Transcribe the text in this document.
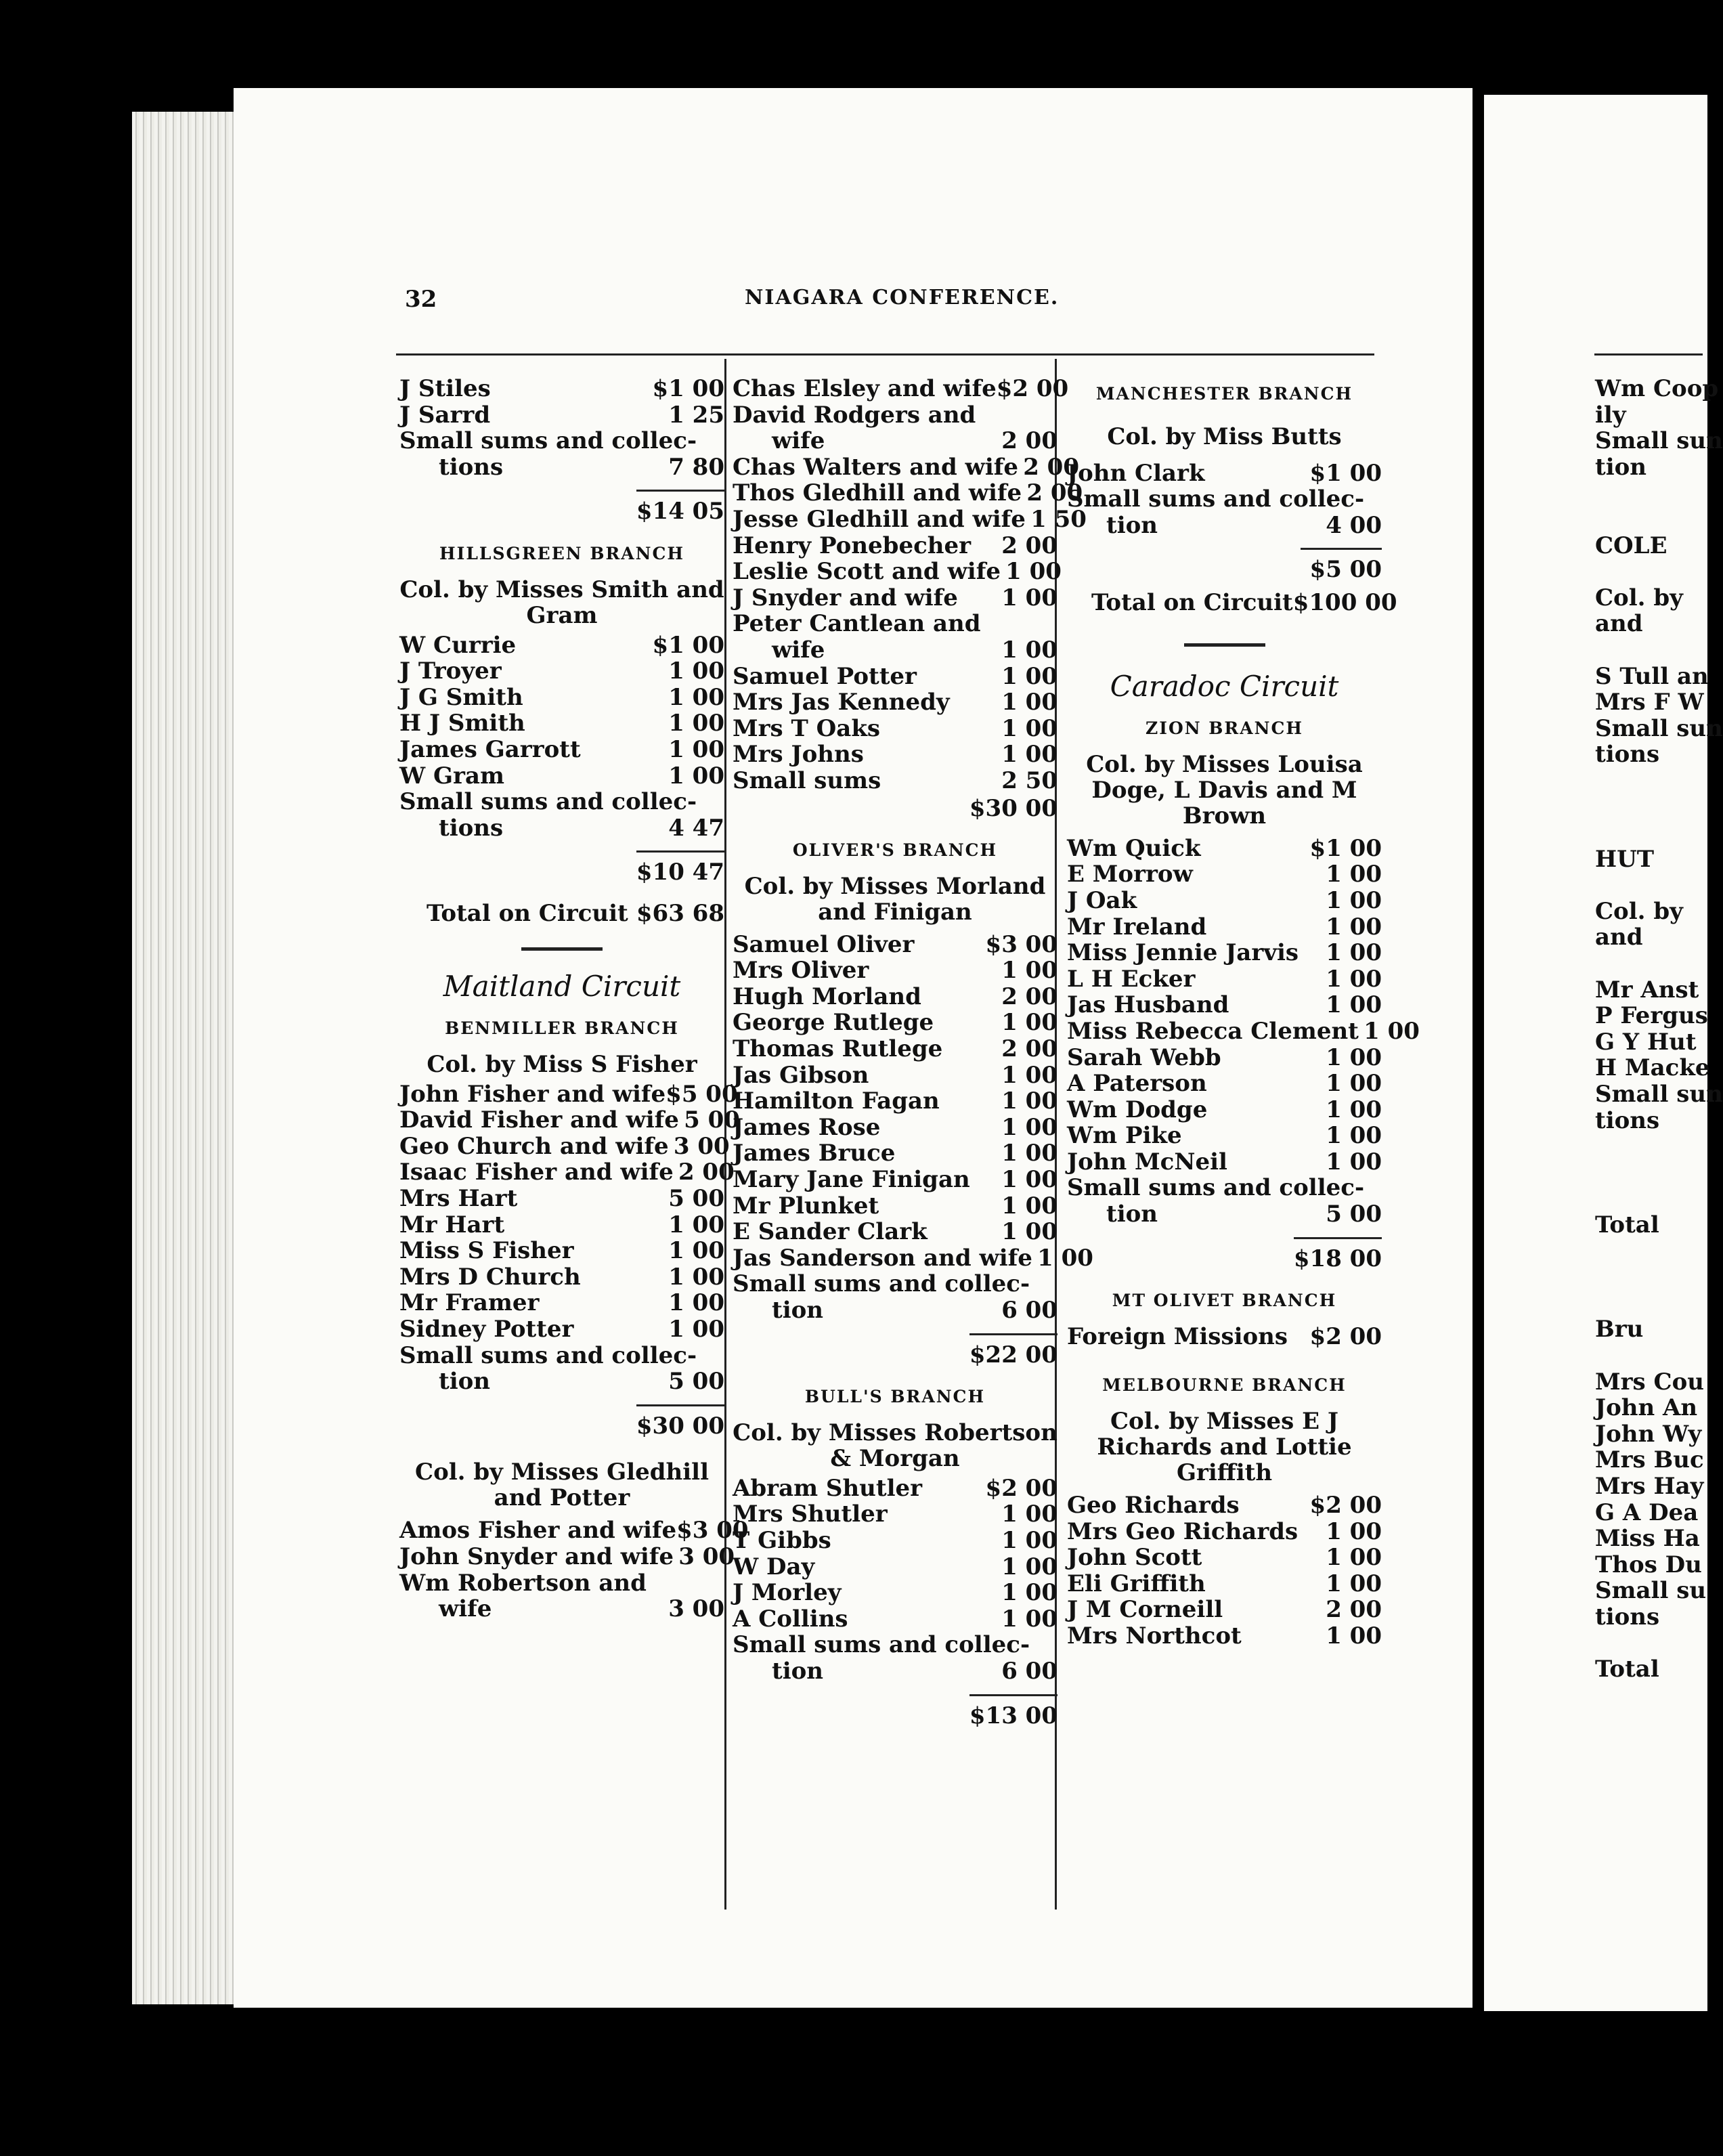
32	NIAGARA CONFERENCE.
J Stiles	$1 00
J Sarrd	1 25
Small sums and collec-
tions	7 80
$14 05
HILLSGREEN BRANCH
Col. by Misses Smith and Gram
W Currie	$1 00
J Troyer	1 00
J G Smith	1 00
H J Smith	1 00
James Garrott	1 00
W Gram	1 00
Small sums and collec-
tions	4 47
$10 47
Total on Circuit $63 68
Maitland Circuit
BENMILLER BRANCH
Col. by Miss S Fisher
John Fisher and wife $5 00
David Fisher and wife 5 00
Geo Church and wife 3 00
Isaac Fisher and wife 2 00
Mrs Hart	5 00
Mr Hart	1 00
Miss S Fisher	1 00
Mrs D Church	1 00
Mr Framer	1 00
Sidney Potter	1 00
Small sums and collec-
tion	5 00
$30 00
Col. by Misses Gledhill and Potter
Amos Fisher and wife $3 00
John Snyder and wife 3 00
Wm Robertson and
wife	3 00
Chas Elsley and wife $2 00
David Rodgers and
wife	2 00
Chas Walters and wife 2 00
Thos Gledhill and wife 2 00
Jesse Gledhill and wife 1 50
Henry Ponebecher	2 00
Leslie Scott and wife 1 00
J Snyder and wife	1 00
Peter Cantlean and
wife	1 00
Samuel Potter	1 00
Mrs Jas Kennedy	1 00
Mrs T Oaks	1 00
Mrs Johns	1 00
Small sums	2 50
$30 00
OLIVER'S BRANCH
Col. by Misses Morland and Finigan
Samuel Oliver	$3 00
Mrs Oliver	1 00
Hugh Morland	2 00
George Rutlege	1 00
Thomas Rutlege	2 00
Jas Gibson	1 00
Hamilton Fagan	1 00
James Rose	1 00
James Bruce	1 00
Mary Jane Finigan	1 00
Mr Plunket	1 00
E Sander Clark	1 00
Jas Sanderson and wife 1 00
Small sums and collec-
tion	6 00
$22 00
BULL'S BRANCH
Col. by Misses Robertson & Morgan
Abram Shutler	$2 00
Mrs Shutler	1 00
T Gibbs	1 00
W Day	1 00
J Morley	1 00
A Collins	1 00
Small sums and collec-
tion	6 00
$13 00
MANCHESTER BRANCH
Col. by Miss Butts
John Clark	$1 00
Small sums and collec-
tion	4 00
$5 00
Total on Circuit $100 00
Caradoc Circuit
ZION BRANCH
Col. by Misses Louisa Doge, L Davis and M Brown
Wm Quick	$1 00
E Morrow	1 00
J Oak	1 00
Mr Ireland	1 00
Miss Jennie Jarvis	1 00
L H Ecker	1 00
Jas Husband	1 00
Miss Rebecca Clement 1 00
Sarah Webb	1 00
A Paterson	1 00
Wm Dodge	1 00
Wm Pike	1 00
John McNeil	1 00
Small sums and collec-
tion	5 00
$18 00
MT OLIVET BRANCH
Foreign Missions $2 00
MELBOURNE BRANCH
Col. by Misses E J Richards and Lottie Griffith
Geo Richards	$2 00
Mrs Geo Richards	1 00
John Scott	1 00
Eli Griffith	1 00
J M Corneill	2 00
Mrs Northcot	1 00
Wm Coop
ily
Small sun
tion
COLE
Col. by
and
S Tull an
Mrs F W
Small sun
tions
HUT
Col. by
and
Mr Anst
P Fergus
G Y Hut
H Macke
Small sun
tions
Total
Bru
Mrs Cou
John An
John Wy
Mrs Buc
Mrs Hay
G A Dea
Miss Ha
Thos Du
Small su
tions
Total
